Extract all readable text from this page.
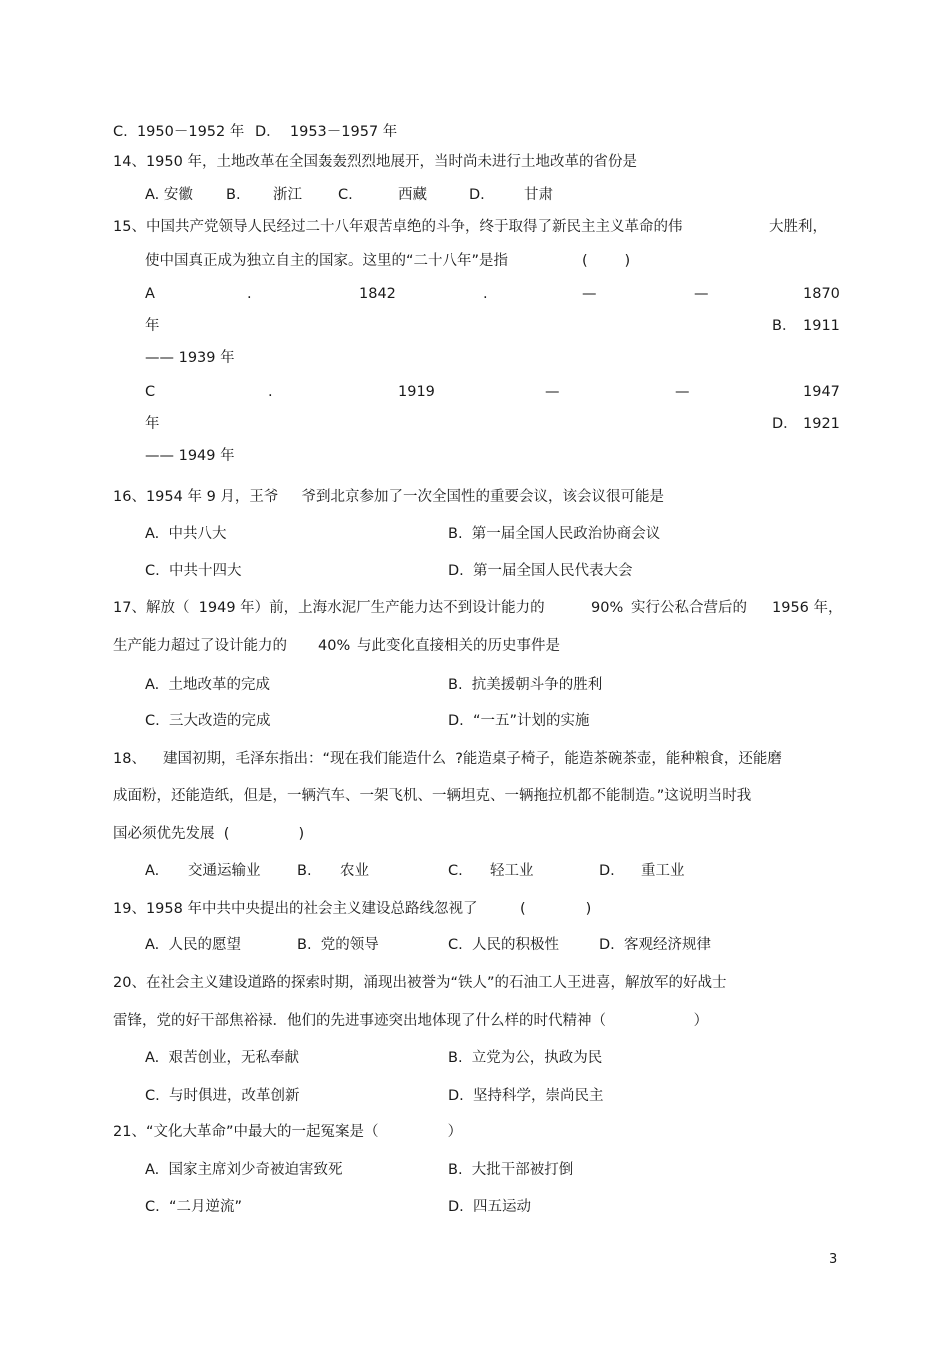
C.  1950－1952 年 D．  1953－1957 年
14、1950 年，土地改革在全国轰轰烈烈地展开，当时尚未进行土地改革的省份是
A. 安徽 B. 浙江 C.	西藏	D.	甘肃
15、中国共产党领导人民经过二十八年艰苦卓绝的斗争，终于取得了新民主主义革命的伟	大胜利，
使中国真正成为独立自主的国家。这里的“二十八年”是指	(        )
A	.	1842	.	—	—	1870
年	B． 1911
—— 1939 年
C	.	1919	—	—	1947
年	D． 1921
—— 1949 年
16、1954 年 9 月，王爷     爷到北京参加了一次全国性的重要会议，该会议很可能是
A.  中共八大	B.  第一届全国人民政治协商会议
C.  中共十四大	D.  第一届全国人民代表大会
17、解放（  1949 年）前，上海水泥厂生产能力达不到设计能力的	90% 实行公私合营后的 1956 年，
生产能力超过了设计能力的 40% 与此变化直接相关的历史事件是
A.  土地改革的完成	B.  抗美援朝斗争的胜利
C.  三大改造的完成	D.  “一五”计划的实施
18、 建国初期，毛泽东指出：“现在我们能造什么  ?能造桌子椅子，能造茶碗茶壶，能种粮食，还能磨
成面粉，还能造纸，但是，一辆汽车、一架飞机、一辆坦克、一辆拖拉机都不能制造。”这说明当时我
国必须优先发展  (               )
A. 交通运输业	B. 农业	C. 轻工业	D. 重工业
19、1958 年中共中央提出的社会主义建设总路线忽视了	(             )
A.  人民的愿望	B.  党的领导	C.  人民的积极性	D.  客观经济规律
20、在社会主义建设道路的探索时期，涌现出被誉为“铁人”的石油工人王进喜，解放军的好战士
雷锋，党的好干部焦裕禄．他们的先进事迹突出地体现了什么样的时代精神（                   ）
A.  艰苦创业，无私奉献	B.  立党为公，执政为民
C.  与时俱进，改革创新	D.  坚持科学，崇尚民主
21、“文化大革命”中最大的一起冤案是（               ）
A.  国家主席刘少奇被迫害致死	B.  大批干部被打倒
C.  “二月逆流”	D.  四五运动
3
